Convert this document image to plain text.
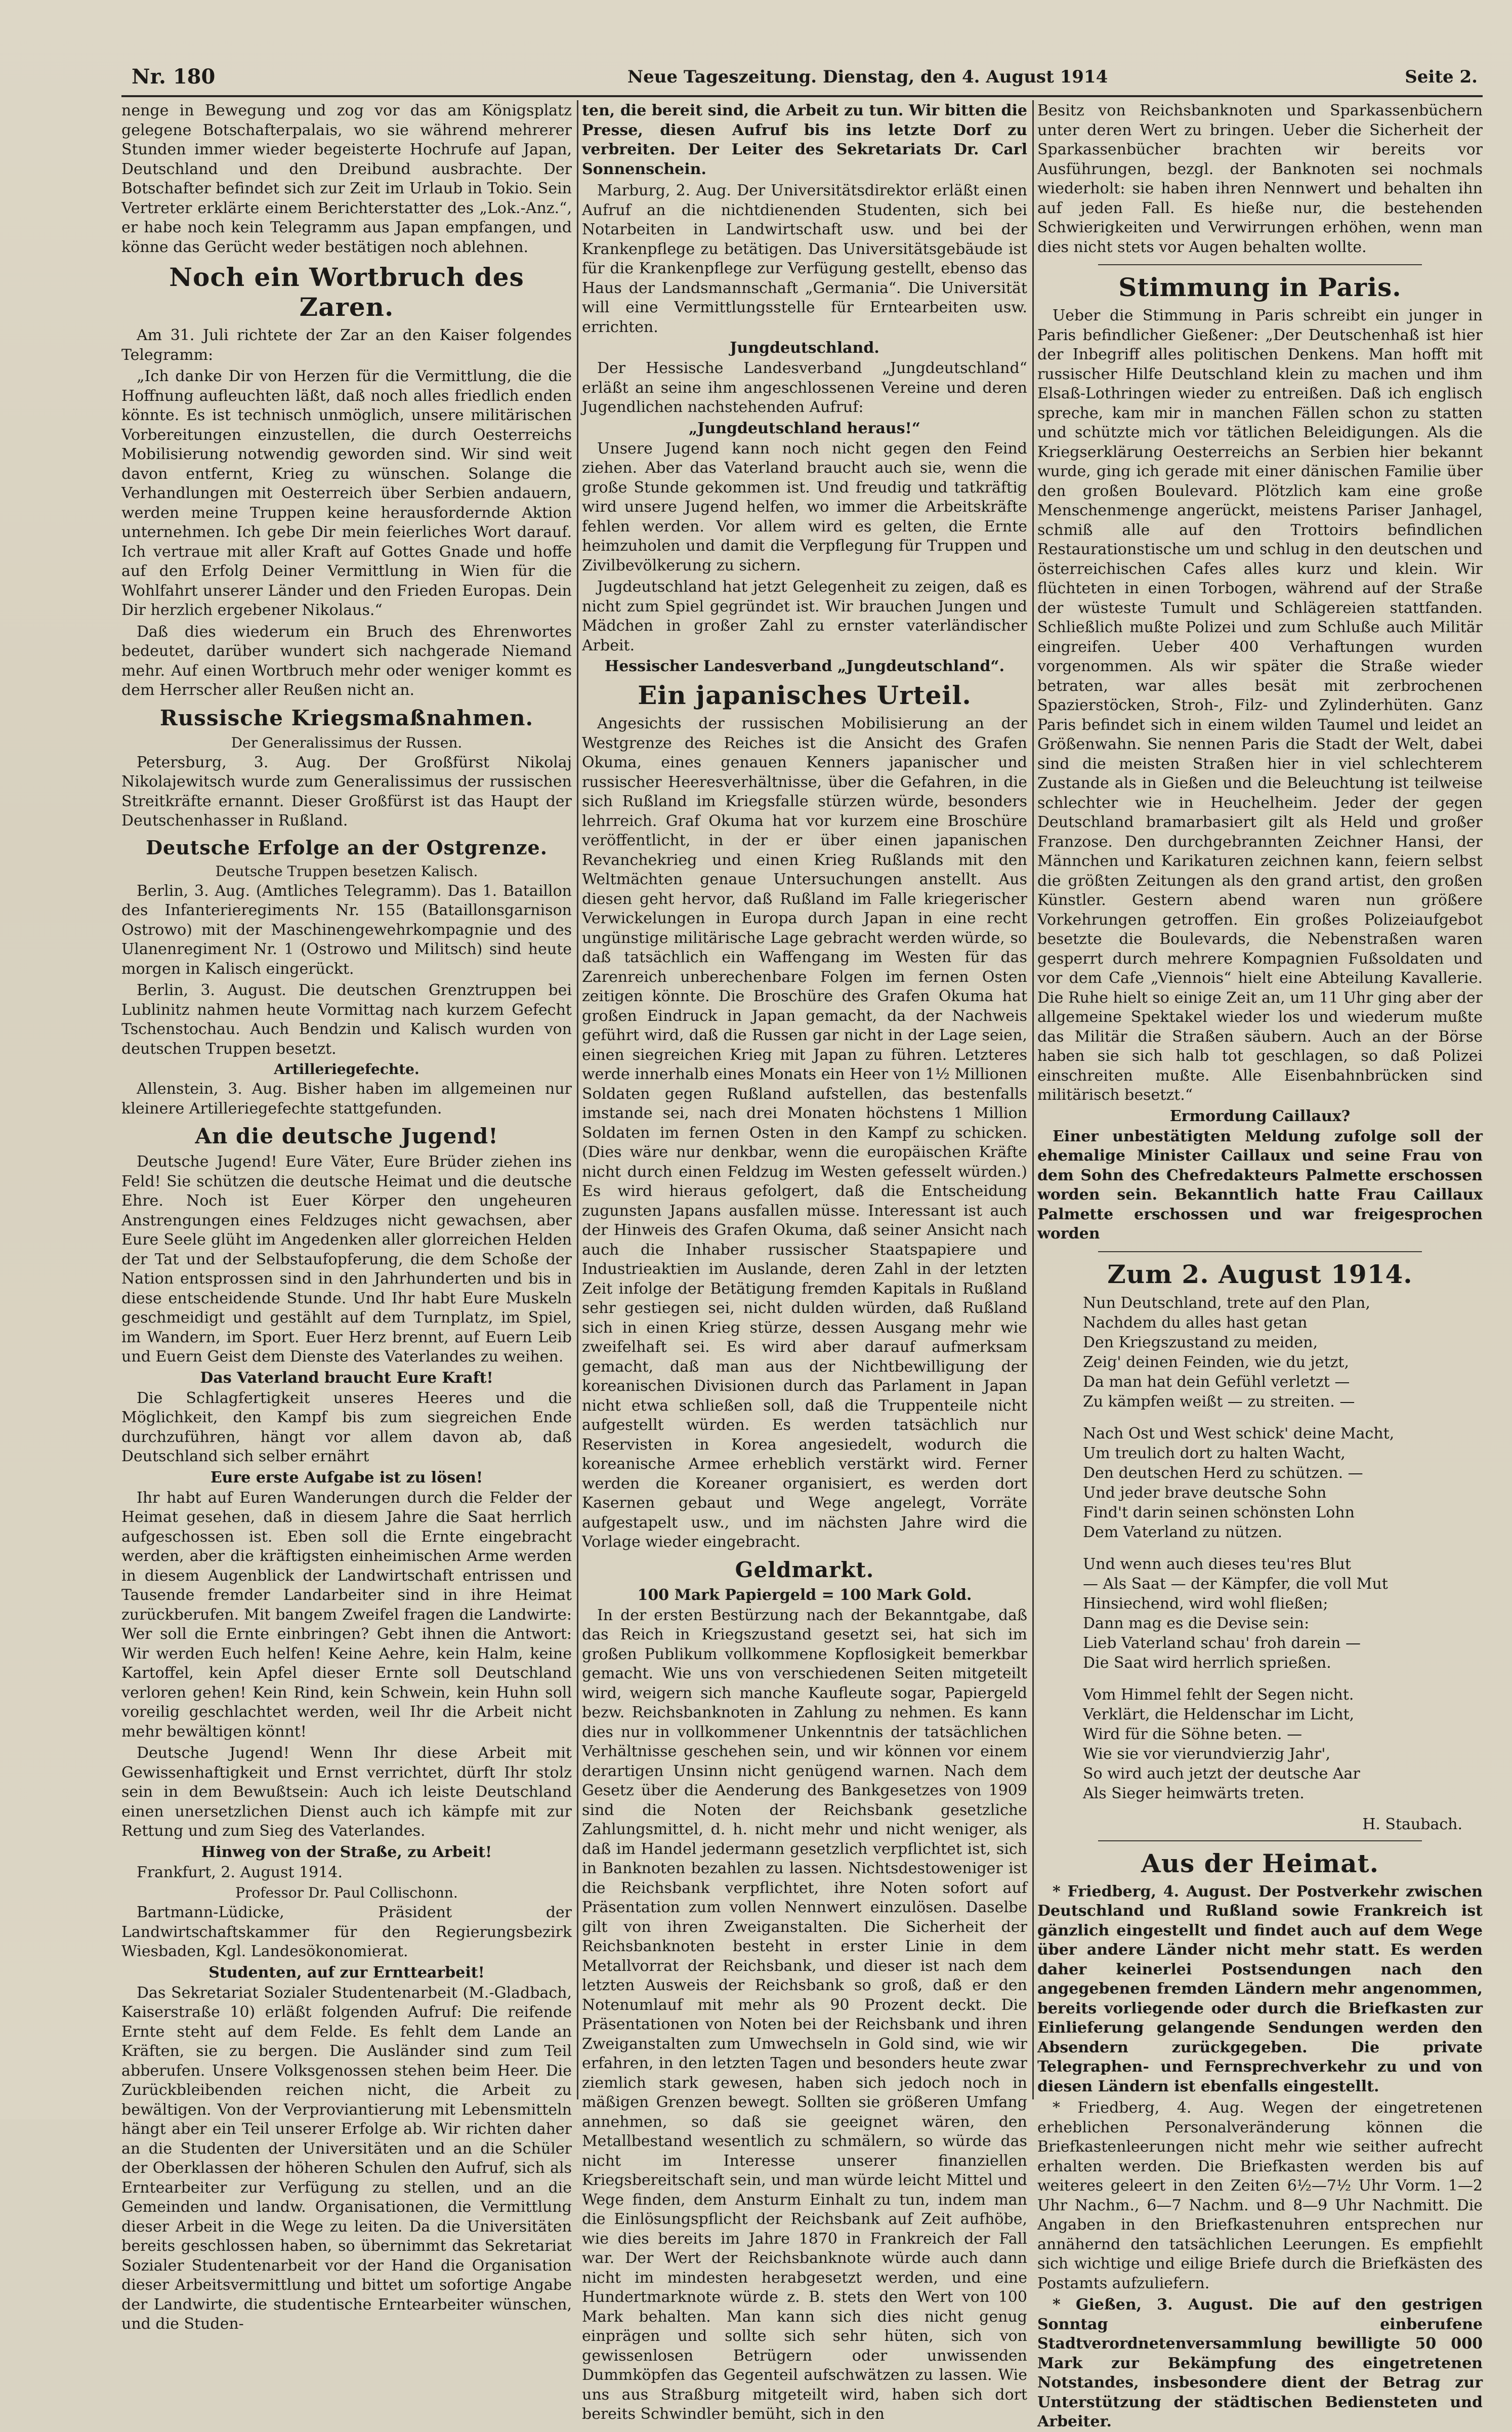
Nr. 180	Neue Tageszeitung. Dienstag, den 4. August 1914	Seite 2.

nenge in Bewegung und zog vor das am Königsplatz gelegene Botschafterpalais, wo sie während mehrerer Stunden immer wieder begeisterte Hochrufe auf Japan, Deutschland und den Dreibund ausbrachte. Der Botschafter befindet sich zur Zeit im Urlaub in Tokio. Sein Vertreter erklärte einem Berichterstatter des „Lok.-Anz.“, er habe noch kein Telegramm aus Japan empfangen, und könne das Gerücht weder bestätigen noch ablehnen.

Noch ein Wortbruch des Zaren.

Am 31. Juli richtete der Zar an den Kaiser folgendes Telegramm:

„Ich danke Dir von Herzen für die Vermittlung, die die Hoffnung aufleuchten läßt, daß noch alles friedlich enden könnte. Es ist technisch unmöglich, unsere militärischen Vorbereitungen einzustellen, die durch Oesterreichs Mobilisierung notwendig geworden sind. Wir sind weit davon entfernt, Krieg zu wünschen. Solange die Verhandlungen mit Oesterreich über Serbien andauern, werden meine Truppen keine herausfordernde Aktion unternehmen. Ich gebe Dir mein feierliches Wort darauf. Ich vertraue mit aller Kraft auf Gottes Gnade und hoffe auf den Erfolg Deiner Vermittlung in Wien für die Wohlfahrt unserer Länder und den Frieden Europas. Dein Dir herzlich ergebener Nikolaus.“

Daß dies wiederum ein Bruch des Ehrenwortes bedeutet, darüber wundert sich nachgerade Niemand mehr. Auf einen Wortbruch mehr oder weniger kommt es dem Herrscher aller Reußen nicht an.

Russische Kriegsmaßnahmen.
Der Generalissimus der Russen.

Petersburg, 3. Aug. Der Großfürst Nikolaj Nikolajewitsch wurde zum Generalissimus der russischen Streitkräfte ernannt. Dieser Großfürst ist das Haupt der Deutschenhasser in Rußland.

Deutsche Erfolge an der Ostgrenze.
Deutsche Truppen besetzen Kalisch.

Berlin, 3. Aug. (Amtliches Telegramm). Das 1. Bataillon des Infanterieregiments Nr. 155 (Bataillonsgarnison Ostrowo) mit der Maschinengewehrkompagnie und des Ulanenregiment Nr. 1 (Ostrowo und Militsch) sind heute morgen in Kalisch eingerückt.

Berlin, 3. August. Die deutschen Grenztruppen bei Lublinitz nahmen heute Vormittag nach kurzem Gefecht Tschenstochau. Auch Bendzin und Kalisch wurden von deutschen Truppen besetzt.

Artilleriegefechte.

Allenstein, 3. Aug. Bisher haben im allgemeinen nur kleinere Artilleriegefechte stattgefunden.

An die deutsche Jugend!

Deutsche Jugend! Eure Väter, Eure Brüder ziehen ins Feld! Sie schützen die deutsche Heimat und die deutsche Ehre. Noch ist Euer Körper den ungeheuren Anstrengungen eines Feldzuges nicht gewachsen, aber Eure Seele glüht im Angedenken aller glorreichen Helden der Tat und der Selbstaufopferung, die dem Schoße der Nation entsprossen sind in den Jahrhunderten und bis in diese entscheidende Stunde. Und Ihr habt Eure Muskeln geschmeidigt und gestählt auf dem Turnplatz, im Spiel, im Wandern, im Sport. Euer Herz brennt, auf Euern Leib und Euern Geist dem Dienste des Vaterlandes zu weihen.

Das Vaterland braucht Eure Kraft!

Die Schlagfertigkeit unseres Heeres und die Möglichkeit, den Kampf bis zum siegreichen Ende durchzuführen, hängt vor allem davon ab, daß Deutschland sich selber ernährt

Eure erste Aufgabe ist zu lösen!

Ihr habt auf Euren Wanderungen durch die Felder der Heimat gesehen, daß in diesem Jahre die Saat herrlich aufgeschossen ist. Eben soll die Ernte eingebracht werden, aber die kräftigsten einheimischen Arme werden in diesem Augenblick der Landwirtschaft entrissen und Tausende fremder Landarbeiter sind in ihre Heimat zurückberufen. Mit bangem Zweifel fragen die Landwirte: Wer soll die Ernte einbringen? Gebt ihnen die Antwort: Wir werden Euch helfen! Keine Aehre, kein Halm, keine Kartoffel, kein Apfel dieser Ernte soll Deutschland verloren gehen! Kein Rind, kein Schwein, kein Huhn soll voreilig geschlachtet werden, weil Ihr die Arbeit nicht mehr bewältigen könnt!

Deutsche Jugend! Wenn Ihr diese Arbeit mit Gewissenhaftigkeit und Ernst verrichtet, dürft Ihr stolz sein in dem Bewußtsein: Auch ich leiste Deutschland einen unersetzlichen Dienst auch ich kämpfe mit zur Rettung und zum Sieg des Vaterlandes.

Hinweg von der Straße, zu Arbeit!

Frankfurt, 2. August 1914.

Professor Dr. Paul Collischonn.

Bartmann-Lüdicke, Präsident der Landwirtschaftskammer für den Regierungsbezirk Wiesbaden, Kgl. Landesökonomierat.

Studenten, auf zur Ernttearbeit!

Das Sekretariat Sozialer Studentenarbeit (M.-Gladbach, Kaiserstraße 10) erläßt folgenden Aufruf: Die reifende Ernte steht auf dem Felde. Es fehlt dem Lande an Kräften, sie zu bergen. Die Ausländer sind zum Teil abberufen. Unsere Volksgenossen stehen beim Heer. Die Zurückbleibenden reichen nicht, die Arbeit zu bewältigen. Von der Verproviantierung mit Lebensmitteln hängt aber ein Teil unserer Erfolge ab. Wir richten daher an die Studenten der Universitäten und an die Schüler der Oberklassen der höheren Schulen den Aufruf, sich als Erntearbeiter zur Verfügung zu stellen, und an die Gemeinden und landw. Organisationen, die Vermittlung dieser Arbeit in die Wege zu leiten. Da die Universitäten bereits geschlossen haben, so übernimmt das Sekretariat Sozialer Studentenarbeit vor der Hand die Organisation dieser Arbeitsvermittlung und bittet um sofortige Angabe der Landwirte, die studentische Erntearbeiter wünschen, und die Studen-

ten, die bereit sind, die Arbeit zu tun. Wir bitten die Presse, diesen Aufruf bis ins letzte Dorf zu verbreiten. Der Leiter des Sekretariats Dr. Carl Sonnenschein.

Marburg, 2. Aug. Der Universitätsdirektor erläßt einen Aufruf an die nichtdienenden Studenten, sich bei Notarbeiten in Landwirtschaft usw. und bei der Krankenpflege zu betätigen. Das Universitätsgebäude ist für die Krankenpflege zur Verfügung gestellt, ebenso das Haus der Landsmannschaft „Germania“. Die Universität will eine Vermittlungsstelle für Erntearbeiten usw. errichten.

Jungdeutschland.

Der Hessische Landesverband „Jungdeutschland“ erläßt an seine ihm angeschlossenen Vereine und deren Jugendlichen nachstehenden Aufruf:

„Jungdeutschland heraus!“

Unsere Jugend kann noch nicht gegen den Feind ziehen. Aber das Vaterland braucht auch sie, wenn die große Stunde gekommen ist. Und freudig und tatkräftig wird unsere Jugend helfen, wo immer die Arbeitskräfte fehlen werden. Vor allem wird es gelten, die Ernte heimzuholen und damit die Verpflegung für Truppen und Zivilbevölkerung zu sichern.

Jugdeutschland hat jetzt Gelegenheit zu zeigen, daß es nicht zum Spiel gegründet ist. Wir brauchen Jungen und Mädchen in großer Zahl zu ernster vaterländischer Arbeit.

Hessischer Landesverband „Jungdeutschland“.
Ein japanisches Urteil.

Angesichts der russischen Mobilisierung an der Westgrenze des Reiches ist die Ansicht des Grafen Okuma, eines genauen Kenners japanischer und russischer Heeresverhältnisse, über die Gefahren, in die sich Rußland im Kriegsfalle stürzen würde, besonders lehrreich. Graf Okuma hat vor kurzem eine Broschüre veröffentlicht, in der er über einen japanischen Revanchekrieg und einen Krieg Rußlands mit den Weltmächten genaue Untersuchungen anstellt. Aus diesen geht hervor, daß Rußland im Falle kriegerischer Verwickelungen in Europa durch Japan in eine recht ungünstige militärische Lage gebracht werden würde, so daß tatsächlich ein Waffengang im Westen für das Zarenreich unberechenbare Folgen im fernen Osten zeitigen könnte. Die Broschüre des Grafen Okuma hat großen Eindruck in Japan gemacht, da der Nachweis geführt wird, daß die Russen gar nicht in der Lage seien, einen siegreichen Krieg mit Japan zu führen. Letzteres werde innerhalb eines Monats ein Heer von 1½ Millionen Soldaten gegen Rußland aufstellen, das bestenfalls imstande sei, nach drei Monaten höchstens 1 Million Soldaten im fernen Osten in den Kampf zu schicken. (Dies wäre nur denkbar, wenn die europäischen Kräfte nicht durch einen Feldzug im Westen gefesselt würden.) Es wird hieraus gefolgert, daß die Entscheidung zugunsten Japans ausfallen müsse. Interessant ist auch der Hinweis des Grafen Okuma, daß seiner Ansicht nach auch die Inhaber russischer Staatspapiere und Industrieaktien im Auslande, deren Zahl in der letzten Zeit infolge der Betätigung fremden Kapitals in Rußland sehr gestiegen sei, nicht dulden würden, daß Rußland sich in einen Krieg stürze, dessen Ausgang mehr wie zweifelhaft sei. Es wird aber darauf aufmerksam gemacht, daß man aus der Nichtbewilligung der koreanischen Divisionen durch das Parlament in Japan nicht etwa schließen soll, daß die Truppenteile nicht aufgestellt würden. Es werden tatsächlich nur Reservisten in Korea angesiedelt, wodurch die koreanische Armee erheblich verstärkt wird. Ferner werden die Koreaner organisiert, es werden dort Kasernen gebaut und Wege angelegt, Vorräte aufgestapelt usw., und im nächsten Jahre wird die Vorlage wieder eingebracht.

Geldmarkt.
100 Mark Papiergeld = 100 Mark Gold.

In der ersten Bestürzung nach der Bekanntgabe, daß das Reich in Kriegszustand gesetzt sei, hat sich im großen Publikum vollkommene Kopflosigkeit bemerkbar gemacht. Wie uns von verschiedenen Seiten mitgeteilt wird, weigern sich manche Kaufleute sogar, Papiergeld bezw. Reichsbanknoten in Zahlung zu nehmen. Es kann dies nur in vollkommener Unkenntnis der tatsächlichen Verhältnisse geschehen sein, und wir können vor einem derartigen Unsinn nicht genügend warnen. Nach dem Gesetz über die Aenderung des Bankgesetzes von 1909 sind die Noten der Reichsbank gesetzliche Zahlungsmittel, d. h. nicht mehr und nicht weniger, als daß im Handel jedermann gesetzlich verpflichtet ist, sich in Banknoten bezahlen zu lassen. Nichtsdestoweniger ist die Reichsbank verpflichtet, ihre Noten sofort auf Präsentation zum vollen Nennwert einzulösen. Daselbe gilt von ihren Zweiganstalten. Die Sicherheit der Reichsbanknoten besteht in erster Linie in dem Metallvorrat der Reichsbank, und dieser ist nach dem letzten Ausweis der Reichsbank so groß, daß er den Notenumlauf mit mehr als 90 Prozent deckt. Die Präsentationen von Noten bei der Reichsbank und ihren Zweiganstalten zum Umwechseln in Gold sind, wie wir erfahren, in den letzten Tagen und besonders heute zwar ziemlich stark gewesen, haben sich jedoch noch in mäßigen Grenzen bewegt. Sollten sie größeren Umfang annehmen, so daß sie geeignet wären, den Metallbestand wesentlich zu schmälern, so würde das nicht im Interesse unserer finanziellen Kriegsbereitschaft sein, und man würde leicht Mittel und Wege finden, dem Ansturm Einhalt zu tun, indem man die Einlösungspflicht der Reichsbank auf Zeit aufhöbe, wie dies bereits im Jahre 1870 in Frankreich der Fall war. Der Wert der Reichsbanknote würde auch dann nicht im mindesten herabgesetzt werden, und eine Hundertmarknote würde z. B. stets den Wert von 100 Mark behalten. Man kann sich dies nicht genug einprägen und sollte sich sehr hüten, sich von gewissenlosen Betrügern oder unwissenden Dummköpfen das Gegenteil aufschwätzen zu lassen. Wie uns aus Straßburg mitgeteilt wird, haben sich dort bereits Schwindler bemüht, sich in den

Besitz von Reichsbanknoten und Sparkassenbüchern unter deren Wert zu bringen. Ueber die Sicherheit der Sparkassenbücher brachten wir bereits vor Ausführungen, bezgl. der Banknoten sei nochmals wiederholt: sie haben ihren Nennwert und behalten ihn auf jeden Fall. Es hieße nur, die bestehenden Schwierigkeiten und Verwirrungen erhöhen, wenn man dies nicht stets vor Augen behalten wollte.

Stimmung in Paris.

Ueber die Stimmung in Paris schreibt ein junger in Paris befindlicher Gießener: „Der Deutschenhaß ist hier der Inbegriff alles politischen Denkens. Man hofft mit russischer Hilfe Deutschland klein zu machen und ihm Elsaß-Lothringen wieder zu entreißen. Daß ich englisch spreche, kam mir in manchen Fällen schon zu statten und schützte mich vor tätlichen Beleidigungen. Als die Kriegserklärung Oesterreichs an Serbien hier bekannt wurde, ging ich gerade mit einer dänischen Familie über den großen Boulevard. Plötzlich kam eine große Menschenmenge angerückt, meistens Pariser Janhagel, schmiß alle auf den Trottoirs befindlichen Restaurationstische um und schlug in den deutschen und österreichischen Cafes alles kurz und klein. Wir flüchteten in einen Torbogen, während auf der Straße der wüsteste Tumult und Schlägereien stattfanden. Schließlich mußte Polizei und zum Schluße auch Militär eingreifen. Ueber 400 Verhaftungen wurden vorgenommen. Als wir später die Straße wieder betraten, war alles besät mit zerbrochenen Spazierstöcken, Stroh-, Filz- und Zylinderhüten. Ganz Paris befindet sich in einem wilden Taumel und leidet an Größenwahn. Sie nennen Paris die Stadt der Welt, dabei sind die meisten Straßen hier in viel schlechterem Zustande als in Gießen und die Beleuchtung ist teilweise schlechter wie in Heuchelheim. Jeder der gegen Deutschland bramarbasiert gilt als Held und großer Franzose. Den durchgebrannten Zeichner Hansi, der Männchen und Karikaturen zeichnen kann, feiern selbst die größten Zeitungen als den grand artist, den großen Künstler. Gestern abend waren nun größere Vorkehrungen getroffen. Ein großes Polizeiaufgebot besetzte die Boulevards, die Nebenstraßen waren gesperrt durch mehrere Kompagnien Fußsoldaten und vor dem Cafe „Viennois“ hielt eine Abteilung Kavallerie. Die Ruhe hielt so einige Zeit an, um 11 Uhr ging aber der allgemeine Spektakel wieder los und wiederum mußte das Militär die Straßen säubern. Auch an der Börse haben sie sich halb tot geschlagen, so daß Polizei einschreiten mußte. Alle Eisenbahnbrücken sind militärisch besetzt.“

Ermordung Caillaux?

Einer unbestätigten Meldung zufolge soll der ehemalige Minister Caillaux und seine Frau von dem Sohn des Chefredakteurs Palmette erschossen worden sein. Bekanntlich hatte Frau Caillaux Palmette erschossen und war freigesprochen worden

Zum 2. August 1914.
Nun Deutschland, trete auf den Plan,
Nachdem du alles hast getan
Den Kriegszustand zu meiden,
Zeig' deinen Feinden, wie du jetzt,
Da man hat dein Gefühl verletzt —
Zu kämpfen weißt — zu streiten. —
Nach Ost und West schick' deine Macht,
Um treulich dort zu halten Wacht,
Den deutschen Herd zu schützen. —
Und jeder brave deutsche Sohn
Find't darin seinen schönsten Lohn
Dem Vaterland zu nützen.
Und wenn auch dieses teu'res Blut
— Als Saat — der Kämpfer, die voll Mut
Hinsiechend, wird wohl fließen;
Dann mag es die Devise sein:
Lieb Vaterland schau' froh darein —
Die Saat wird herrlich sprießen.
Vom Himmel fehlt der Segen nicht.
Verklärt, die Heldenschar im Licht,
Wird für die Söhne beten. —
Wie sie vor vierundvierzig Jahr',
So wird auch jetzt der deutsche Aar
Als Sieger heimwärts treten.
H. Staubach.
Aus der Heimat.

* Friedberg, 4. August. Der Postverkehr zwischen Deutschland und Rußland sowie Frankreich ist gänzlich eingestellt und findet auch auf dem Wege über andere Länder nicht mehr statt. Es werden daher keinerlei Postsendungen nach den angegebenen fremden Ländern mehr angenommen, bereits vorliegende oder durch die Briefkasten zur Einlieferung gelangende Sendungen werden den Absendern zurückgegeben. Die private Telegraphen- und Fernsprechverkehr zu und von diesen Ländern ist ebenfalls eingestellt.

* Friedberg, 4. Aug. Wegen der eingetretenen erheblichen Personalveränderung können die Briefkastenleerungen nicht mehr wie seither aufrecht erhalten werden. Die Briefkasten werden bis auf weiteres geleert in den Zeiten 6½—7½ Uhr Vorm. 1—2 Uhr Nachm., 6—7 Nachm. und 8—9 Uhr Nachmitt. Die Angaben in den Briefkastenuhren entsprechen nur annähernd den tatsächlichen Leerungen. Es empfiehlt sich wichtige und eilige Briefe durch die Briefkästen des Postamts aufzuliefern.

* Gießen, 3. August. Die auf den gestrigen Sonntag einberufene Stadtverordnetenversammlung bewilligte 50 000 Mark zur Bekämpfung des eingetretenen Notstandes, insbesondere dient der Betrag zur Unterstützung der städtischen Bediensteten und Arbeiter.
